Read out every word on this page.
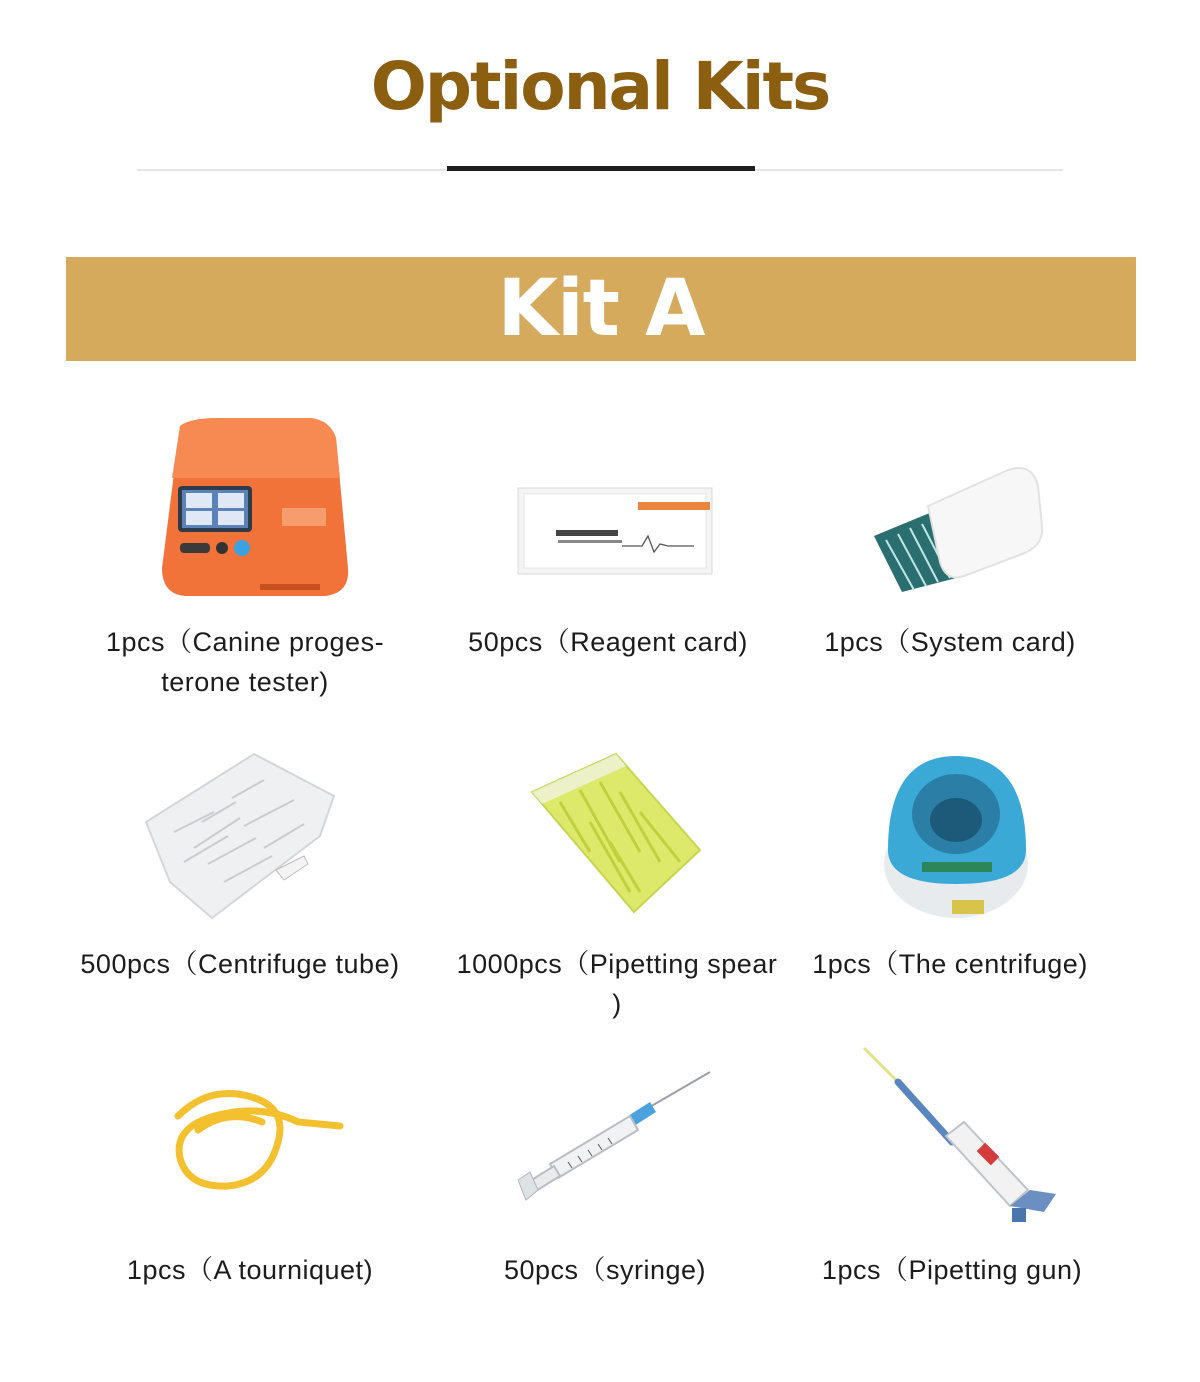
Optional Kits
Kit A
1pcs（Canine proges-
terone tester)
50pcs（Reagent card)	1pcs（System card)
500pcs（Centrifuge tube)	1000pcs（Pipetting spear
)
1pcs（The centrifuge)
1pcs（A tourniquet)	50pcs（syringe)	1pcs（Pipetting gun)
